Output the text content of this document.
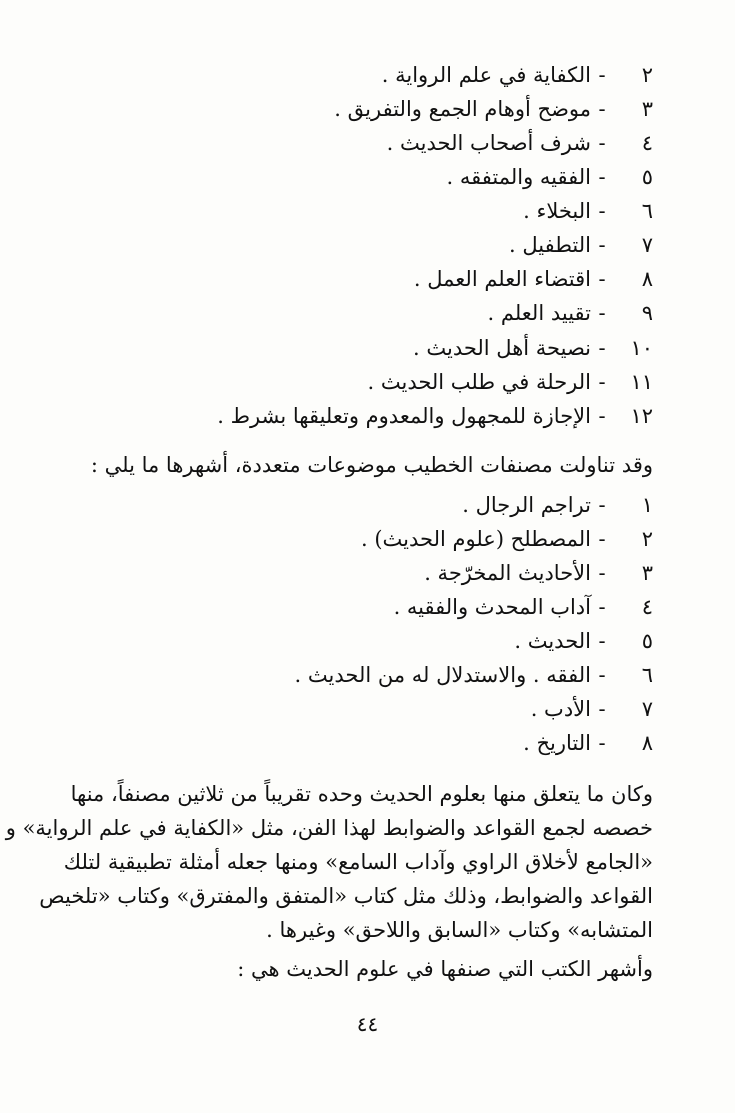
٢-الكفاية في علم الرواية .
٣-موضح أوهام الجمع والتفريق .
٤-شرف أصحاب الحديث .
٥-الفقيه والمتفقه .
٦-البخلاء .
٧-التطفيل .
٨-اقتضاء العلم العمل .
٩-تقييد العلم .
١٠-نصيحة أهل الحديث .
١١-الرحلة في طلب الحديث .
١٢-الإجازة للمجهول والمعدوم وتعليقها بشرط .
وقد تناولت مصنفات الخطيب موضوعات متعددة، أشهرها ما يلي :
١-تراجم الرجال .
٢-المصطلح (علوم الحديث) .
٣-الأحاديث المخرّجة .
٤-آداب المحدث والفقيه .
٥-الحديث .
٦-الفقه . والاستدلال له من الحديث .
٧-الأدب .
٨-التاريخ .
وكان ما يتعلق منها بعلوم الحديث وحده تقريباً من ثلاثين مصنفاً، منها
خصصه لجمع القواعد والضوابط لهذا الفن، مثل «الكفاية في علم الرواية» و
«الجامع لأخلاق الراوي وآداب السامع» ومنها جعله أمثلة تطبيقية لتلك
القواعد والضوابط، وذلك مثل كتاب «المتفق والمفترق» وكتاب «تلخيص
المتشابه» وكتاب «السابق واللاحق» وغيرها .
وأشهر الكتب التي صنفها في علوم الحديث هي :
٤٤
